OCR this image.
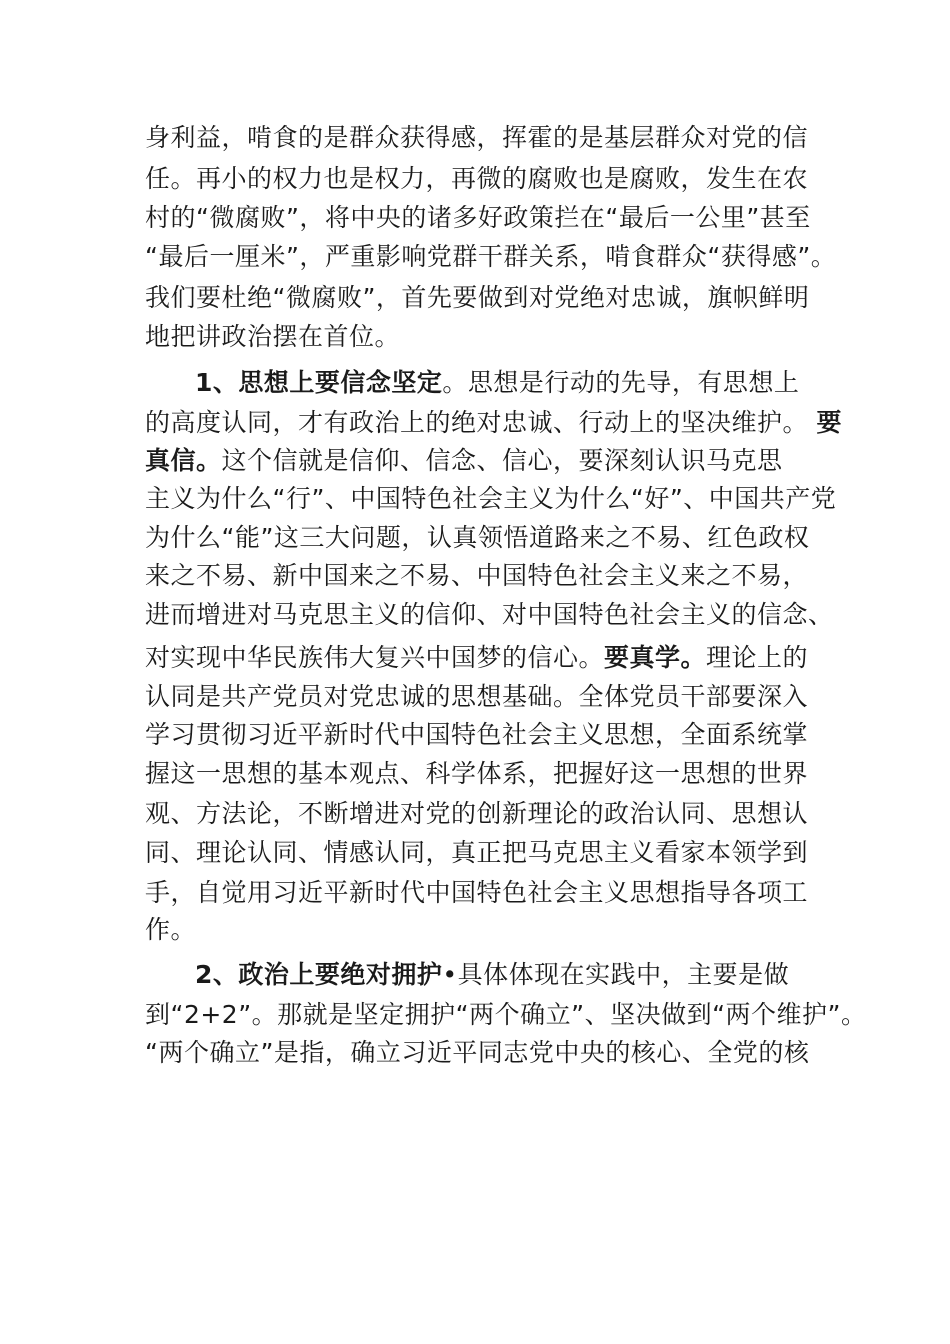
身利益，啃食的是群众获得感，挥霍的是基层群众对党的信
任。再小的权力也是权力，再微的腐败也是腐败，发生在农
村的“微腐败”，将中央的诸多好政策拦在“最后一公里”甚至
“最后一厘米”，严重影响党群干群关系，啃食群众“获得感”。
我们要杜绝“微腐败”，首先要做到对党绝对忠诚，旗帜鲜明
地把讲政治摆在首位。
1、思想上要信念坚定。思想是行动的先导，有思想上
的高度认同，才有政治上的绝对忠诚、行动上的坚决维护。 要
真信。这个信就是信仰、信念、信心，要深刻认识马克思
主义为什么“行”、中国特色社会主义为什么“好”、中国共产党
为什么“能”这三大问题，认真领悟道路来之不易、红色政权
来之不易、新中国来之不易、中国特色社会主义来之不易，
进而增进对马克思主义的信仰、对中国特色社会主义的信念、
对实现中华民族伟大复兴中国梦的信心。要真学。理论上的
认同是共产党员对党忠诚的思想基础。全体党员干部要深入
学习贯彻习近平新时代中国特色社会主义思想，全面系统掌
握这一思想的基本观点、科学体系，把握好这一思想的世界
观、方法论，不断增进对党的创新理论的政治认同、思想认
同、理论认同、情感认同，真正把马克思主义看家本领学到
手，自觉用习近平新时代中国特色社会主义思想指导各项工
作。
2、政治上要绝对拥护•具体体现在实践中，主要是做
到“2+2”。那就是坚定拥护“两个确立”、坚决做到“两个维护”。
“两个确立”是指，确立习近平同志党中央的核心、全党的核
